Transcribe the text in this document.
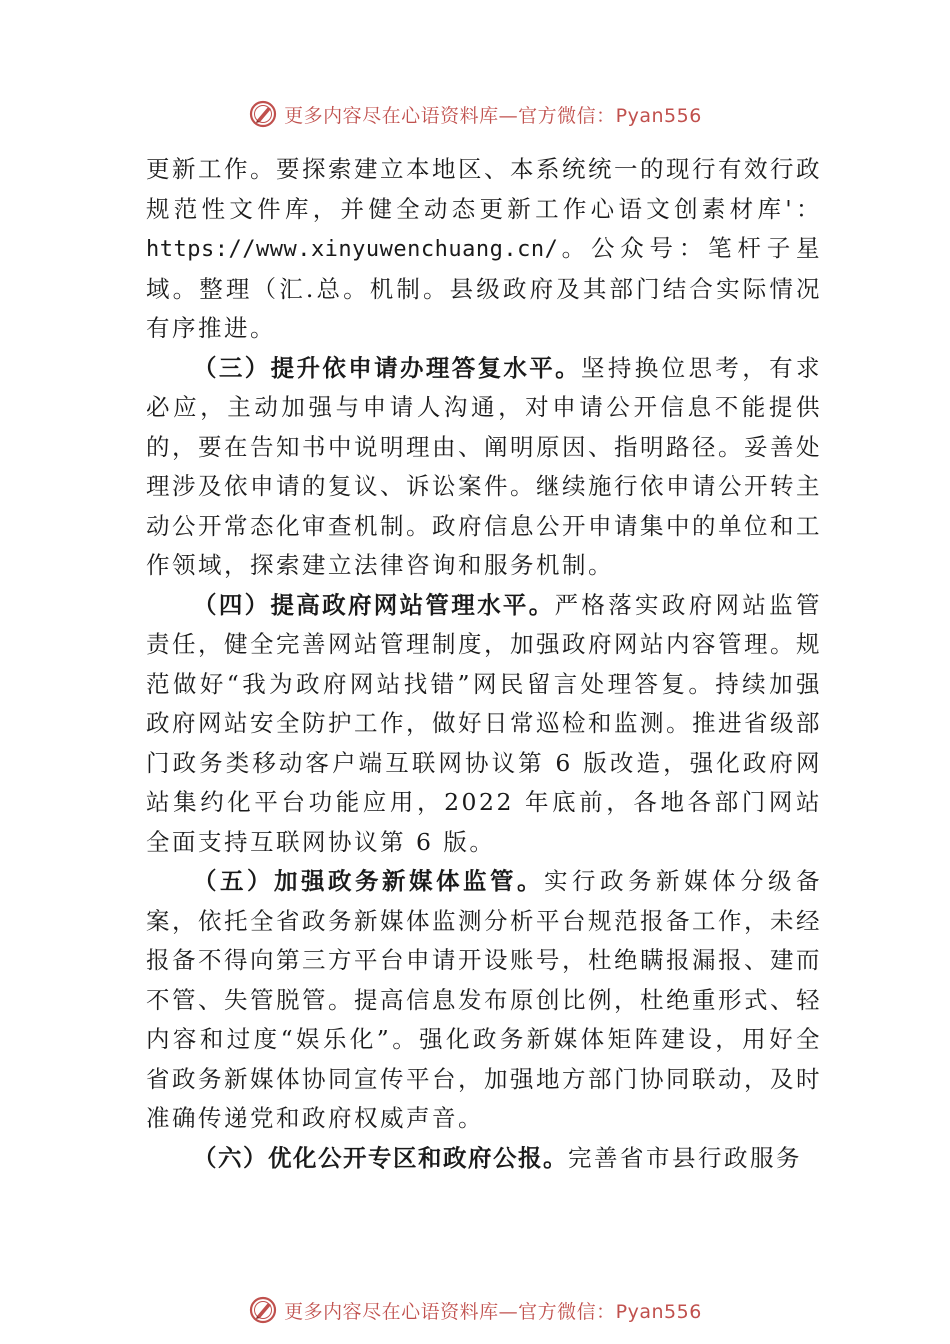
更多内容尽在心语资料库—官方微信：Pyan556

更新工作。要探索建立本地区、本系统统一的现行有效行政规范性文件库，并健全动态更新工作心语文创素材库'：https://www.xinyuwenchuang.cn/。公众号：笔杆子星域。整理（汇.总。机制。县级政府及其部门结合实际情况有序推进。

（三）提升依申请办理答复水平。坚持换位思考，有求必应，主动加强与申请人沟通，对申请公开信息不能提供的，要在告知书中说明理由、阐明原因、指明路径。妥善处理涉及依申请的复议、诉讼案件。继续施行依申请公开转主动公开常态化审查机制。政府信息公开申请集中的单位和工作领域，探索建立法律咨询和服务机制。

（四）提高政府网站管理水平。严格落实政府网站监管责任，健全完善网站管理制度，加强政府网站内容管理。规范做好“我为政府网站找错”网民留言处理答复。持续加强政府网站安全防护工作，做好日常巡检和监测。推进省级部门政务类移动客户端互联网协议第 6 版改造，强化政府网站集约化平台功能应用，2022 年底前，各地各部门网站全面支持互联网协议第 6 版。

（五）加强政务新媒体监管。实行政务新媒体分级备案，依托全省政务新媒体监测分析平台规范报备工作，未经报备不得向第三方平台申请开设账号，杜绝瞒报漏报、建而不管、失管脱管。提高信息发布原创比例，杜绝重形式、轻内容和过度“娱乐化”。强化政务新媒体矩阵建设，用好全省政务新媒体协同宣传平台，加强地方部门协同联动，及时准确传递党和政府权威声音。

（六）优化公开专区和政府公报。完善省市县行政服务

更多内容尽在心语资料库—官方微信：Pyan556
